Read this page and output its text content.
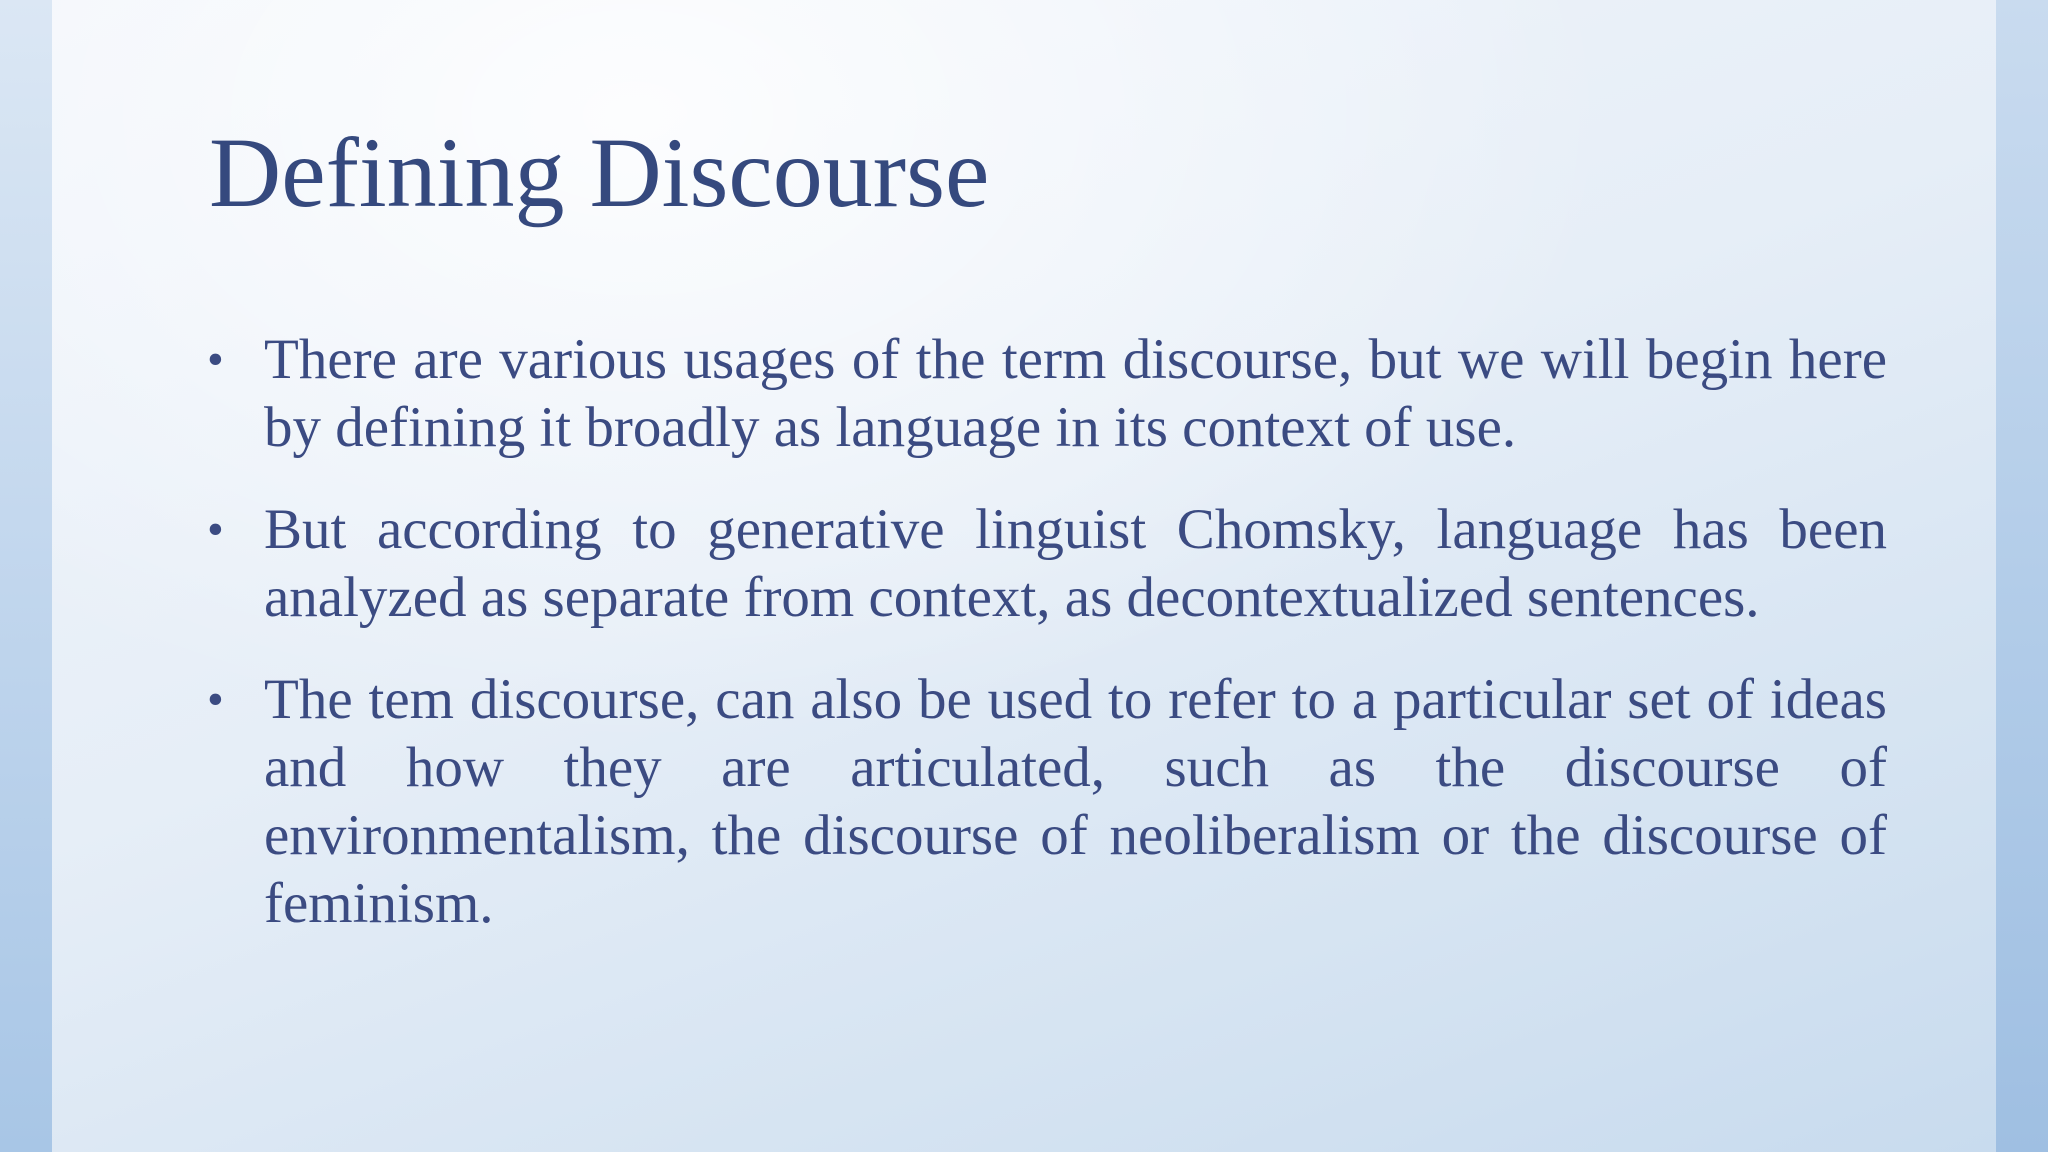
Defining Discourse
• There are various usages of the term discourse, but we will begin here by defining it broadly as language in its context of use.
• But according to generative linguist Chomsky, language has been analyzed as separate from context, as decontextualized sentences.
• The tem discourse, can also be used to refer to a particular set of ideas and how they are articulated, such as the discourse of environmentalism, the discourse of neoliberalism or the discourse of feminism.
